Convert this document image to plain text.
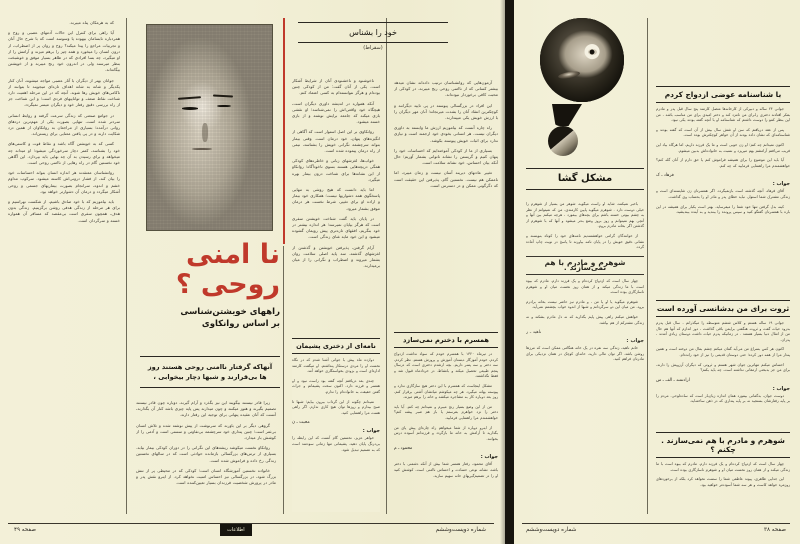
خود را بشناس
(سقراط)
نا امنی
روحی ؟
راههای خویشتن‌شناسی
بر اساس روانکاوی
آنهاکه گرفتار ناامنی روحی هستند روز ها بی‌قرارند و شبها دچار بیخوابی ،

که به هرمکان پناه میبرند.

آیا راهی برای کنترل این حالات آدمهای عصبی و روح و همردباره نابسامان بیهوده یا وسوسه است که با شرح حال آنان و تجربیات مراجع را پیدا میکند؟ روح و روان پر از اضطراب، از درون انسان را میخورد و همه چیز را برهم میزند و آرامش را از او میگیرد، چه بسا افرادی که در ظاهر بسیار موفق و خوشبخت بنظر میرسند ولی در اندرون خود رنج میبرند و از خویشتن بیگانه‌اند.

جوانان بهتر از دیگران با آثار عصبی مواجه میشوند، آنان کنار یکدیگر و شانه به شانه اهداف تازه‌ای میجویند تا بتوانند از ناکامی‌های خویش رها شوند. آنچه که در این مرحله اهمیت دارد شناخت نقاط ضعف و تواناییهای فردی است؛ و این شناخت جز از راه بررسی دقیق رفتار خود و دیگران میسر نمیگردد.

در جوامع صنعتی که زندگی سرعت گرفته و روابط انسانی سردتر شده است، تنهایی بصورت یکی از مهم‌ترین دردهای روانی درآمده؛ بسیاری از مراجعان به روانکاوان از همین درد شکایت دارند و در پی یافتن معنایی برای زیستن‌اند.

کسی که به خویشتن آگاه باشد و نقاط قوت و کاستی‌های خود را بشناسد، کمتر دچار سرخوردگی میشود؛ او میداند چه میخواهد و برای رسیدن به آن چه بهایی باید بپردازد. این آگاهی خود نخستین گام در راه رهایی از ناامنی روحی است.

روانشناسان معتقدند هر اندازه انسان بتواند احساسات خود را بیان کند، از فشار درونی‌اش کاسته میشود. سرکوب مداوم خشم و اندوه، سرانجام بصورت بیماریهای جسمی و روحی آشکار میگردد و درمان آن دشوارتر خواهد بود.

باید بیاموزیم که با خود صادق باشیم، از شکست نهراسیم و برای هر مرحله از زندگی هدفی روشن برگزینیم. زندگی بدون هدف، همچون سفری است بی‌مقصد که مسافر آن همواره خسته و سرگردان است.

زیرا قادر نیستند بیگویند این نیز بگذرد و آرام گیرند، دوباره چون قادر نیستند تصمیم بگیرند و هنوز میکنند و چون میدارند پس پایه چیزی باشد کنار آن بگذارند، آنست که آنان عقیده پنهانی برای توجیه این رفتار دارند.

گروهی دیگر بر این باورند که سرنوشت از پیش نوشته شده و تلاش انسان بی‌ثمر است؛ چنین پنداری خود سرچشمه بی‌تفاوتی و سستی است و آدمی را از کوشش باز میدارد.

روانکاو نخست میکوشد ریشه‌های این نگرانی را در دوران کودکی بیمار بیابد. بسیاری از ترس‌های بزرگسالی بازمانده حوادثی است که در سالهای نخستین زندگی رخ داده و فراموش شده است.

خانواده نخستین آموزشگاه انسان است؛ کودکی که در محیطی پر از تنش بزرگ شود، در بزرگسالی نیز احساس امنیت نخواهد کرد. از اینرو نقش پدر و مادر در پرورش شخصیت فرزندان بسیار تعیین‌کننده است.

ناخوشنود و ناخشنودی آنان از شرایط آشکار است. یکی از آنان گفت: من از کودکی چنین بوده‌ام و هرگز نتوانسته‌ام به کسی اعتماد کنم.

آنکه همواره در اندیشه داوری دیگران است، هیچگاه خود واقعی‌اش را نمی‌شناسد؛ او نقشی بازی میکند که جامعه برایش نوشته و از بازی خسته میشود.

روانکاوی بر این اصل استوار است که آگاهی از انگیزه‌های پنهان، خود درمان است. وقتی بیمار بتواند سرچشمه نگرانی خویش را بشناسد، نیمی از راه درمان پیموده شده است.

خواب‌ها، لغزشهای زبانی و خاطره‌های کودکی همگی دریچه‌هایی هستند بسوی ناخودآگاه؛ روانکاو از این نشانه‌ها برای شناخت درون بیمار بهره میگیرد.

اما باید دانست که هیچ روشی به تنهایی پاسخگوی همه دشواریها نیست؛ همکاری خود بیمار و اراده او برای تغییر، شرط نخست هر درمان موفق بشمار میرود.

در پایان باید گفت شناخت خویشتن سفری است که هرگز بپایان نمیرسد؛ هر اندازه بیشتر در خود بنگریم، افقهای تازه‌تری پیش رویمان گشوده میشود و این خود مایه غنای زندگی است.

آرام گرفتن، پذیرفتن خویشتن و گذشتن از لغزشهای گذشته، سه پایه اصلی سلامت روان بشمار میروند و اضطراب و نگرانی را از میان برمیدارند.

آزمون‌هایی که روانشناسان ترتیب داده‌اند نشان میدهد بیشتر کسانی که از ناامنی روحی رنج میبرند، در کودکی از محبت کافی برخوردار نبوده‌اند.

این افراد در بزرگسالی پیوسته در پی تایید دیگرانند و کوچکترین انتقاد آنان را بشدت میرنجاند؛ آنان مهر دیگران را با ارزش خویش یکی میپندارند.

راه چاره آنست که بیاموزیم ارزش ما وابسته به داوری دیگران نیست. هر انسانی بخودی خود ارجمند است و نیازی ندارد برای اثبات خویش پیوسته بکوشد.

بسیاری از ما از کودکی آموخته‌ایم که احساسات خود را پنهان کنیم و گریستن را نشانه ناتوانی بشمار آوریم؛ حال آنکه بیان احساس، خود نشانه سلامت است.

تغییر عادتهای دیرینه آسان نیست و زمان میبرد، اما ناممکن هم نیست. نخستین گام، پذیرفتن این حقیقت است که دگرگونی ممکن و در دسترس است.

همسرم با دخترم نمی‌سازد

در تیرماه ۱۳۲۰ با همسرم خودم که سواد نداشت ازدواج کردم، خودم آموزگار دبستان آموزش و پرورش هستم. نظر کردم، سه دختر و سه پسر داریم. بچه ارشدم دختری است که درسال پنجم طبیعی تحصیل میکند و بانشاط. در خردادماه قبول شد و فقط نگذاشتند.

مشکل اینجاست که همسرم با این دختر هیچ سازگاری ندارد و پیوسته بهانه میگیرد. هر چه میکوشم میانشان آشتی برقرار کنم، روز بعد دوباره کار به مشاجره میکشد و خانه را برهم میزند.

من از این وضع بسیار رنج میبرم و نمیدانم چه کنم. آیا باید دختر را نزد خواهرم بفرستم یا باز هم صبر پیشه کنم؟ خواهشمندم مرا راهنمایی فرمایید.

از اینرو دوباره از شما میخواهم راه چاره‌ای پیش پای من بگذارید تا آرامش به خانه ما بازگردد و فرزندانم آسوده درس بخوانند.

محمود ـ م
جواب :

آقای محمود، رفتار همسر شما بیش از آنکه دشمنی با دختر باشد، نشانه نوعی حسادت و احساس ناامنی است. کوشش کنید او را در تصمیم‌گیریهای خانه سهیم سازید.

نامه‌ای از دختری پشیمان

دوازده ماه پیش با جوانی آشنا شدم که در نگاه نخست او را مردی درستکار پنداشتم. او میگفت کارمند اداره‌ای است و بزودی بخواستگاری خواهد آمد.

چندی بعد دریافتم آنچه گفته بود راست نبود و او همسر و فرزند دارد. اکنون سخت پشیمانم و جرات گفتن حقیقت به خانواده‌ام را ندارم.

نمیدانم چگونه از این گرداب بیرون بیایم؛ شبها تا صبح بیدارم و روزها توان هیچ کاری ندارم. اگر راهی هست مرا راهنمایی کنید.

محبت ـ ن
جواب :

خواهر عزیز، نخستین گام آنست که این رابطه را بی‌درنگ پایان دهید. پشیمانی تنها زمانی سودمند است که به تصمیم تبدیل شود.

شماره دویست‌وششم
اطلاعات
صفحه ۴۹
مشکل گشا

باخبر نمیکنند، شاید او راست میگوید، شوهر من بسیار از شوهرم را خیلی دوست دارد . شوهرم میگوید پایین کارمندی، من که نمیتوانم از نظر به چشم بیوتی خسته باشم برای بچه‌های بیمورد ، هرچه میکنم بین آنها و آنچی بهم نمیتوانم و روز بروز وضع بدتر میشود و آنها که با شوهرم از گذشتن اگر بخانه مادرم بروم.

از خوانندگان گرامی خواهشمندیم نامه‌های خود را کوتاه بنویسند و نشانی دقیق خویش را در پایان نامه بیاورند تا پاسخ در نوبت چاپ آماده گردد.

شوهرم و مادرم با هم نمی‌سازند .

چهار سال است که ازدواج کرده‌ام و یک فرزند دارم. مادرم که بیوه است با ما زندگی میکند و از همان روز نخست میان او و شوهرم ناسازگاری بوده است.

شوهرم میگوید یا او یا من ، و مادرم نیز حاضر نیست بخانه برادرم برود. من میان این دو سرگردانم و شبها از اندوه خواب بچشمم نمی‌آید.

خواهش میکنم راهی پیش پایم بگذارید که نه دل مادرم بشکند و نه زندگی مشترکم از هم بپاشد.

ناهید ـ ر
جواب :

خانم ناهید، زندگی سه نفره در یک خانه هنگامی ممکن است که مرزها روشن باشد. اگر توان مالی دارید، خانه‌ای کوچک در همان نزدیکی برای مادرتان فراهم کنید.

با شناسنامه عوضی ازدواج کردم

جوانی ۲۴ ساله و دبیرکی از کارخانه‌ها متصل کارمند پنج سال قبل پدر و مادرم بفکر افتادند دختری راـرای من نامزد کند و دختر امیدی برای من مناسب باشد ، من این بنظر کمو را دوست داشتم که شناسنامه او با آنچه گفته بودند یکی نبود.

پس از عقد دریافتم که سن او شش سال بیش از آن است که گفته بودند و شناسنامه‌ای که نشان داده بودند از آن خواهر کوچکترش بوده است.

اکنون نمیدانم چه کنم؛ او زن خوبی است و ما یک فرزند داریم، اما هرگاه بیاد این فریب می‌افتم آرامشم بهم میریزد و نسبت به خانواده‌اش بدبین میشوم.

آیا باید این موضوع را برای همیشه فراموش کنم یا حق دارم از آنان گله کنم؟ خواهشمندم مرا راهنمایی فرمایید که چه کنم.

فرهاد ـ ک
جواب :

آقای فرهاد، آنچه گذشته است بازنمیگردد. اگر همسرتان زن شایسته‌ای است و زندگی مشترک شما استوار، نباید خطای پدر و مادر او را بحساب وی گذاشت.

کینه بدل گرفتن تنها خود شما را میفرساید. بهتر است یکبار برای همیشه در این باره با همسرتان گفتگو کنید و سپس پرونده را ببندید و به آینده بیندیشید.

ثروت برای من بدشانسی آورده است

جوانی ۱۹ ساله هستم و کلاس ششم متوسطه را میگذرانم ، سال قبل پدرم بدرود حیات گفت و ثروت هنگفتی برایمن باقی گذاشت ، دور اندازم که آنها هم حال من از امثال دنیا بسیار هستند . در زمانیکه پدرم حیات داشت دوستان زیادی آمدند ، پدران.

اکنون هر کس بسراغ من می‌آید گمان میکنم چشم بمال من دوخته است و همین پندار مرا از همه دور کرده؛ حتی دوستان قدیمی را نیز از خود رانده‌ام.

احساس میکنم تنهاترین جوان شهر هستم و ثروتی که دیگران آرزویش را دارند، برای من جز بدبختی ارمغانی نداشته است. چه باید بکنم؟

ارادتمند ـ الف ـ س
جواب :

دوست جوان، بدگمانی بیمورد همان اندازه زیان‌بار است که ساده‌لوحی. مردم را بر پایه رفتارشان بسنجید نه بر پایه پنداری که در ذهن ساخته‌اید.

شوهرم و مادرم با هم نمی‌سازند .
چکنم ؟

چهار سال است که ازدواج کرده‌ام و یک فرزند دارم. مادرم که بیوه است با ما زندگی میکند و از همان روز نخست میان او و شوهرم ناسازگاری بوده است.

این جدایی ظاهری، پیوند عاطفی شما را سست نخواهد کرد بلکه از برخوردهای روزمره خواهد کاست و هر سه شما آسوده‌تر خواهید بود.

صفحه ۳۸
شماره دویست‌وششم
